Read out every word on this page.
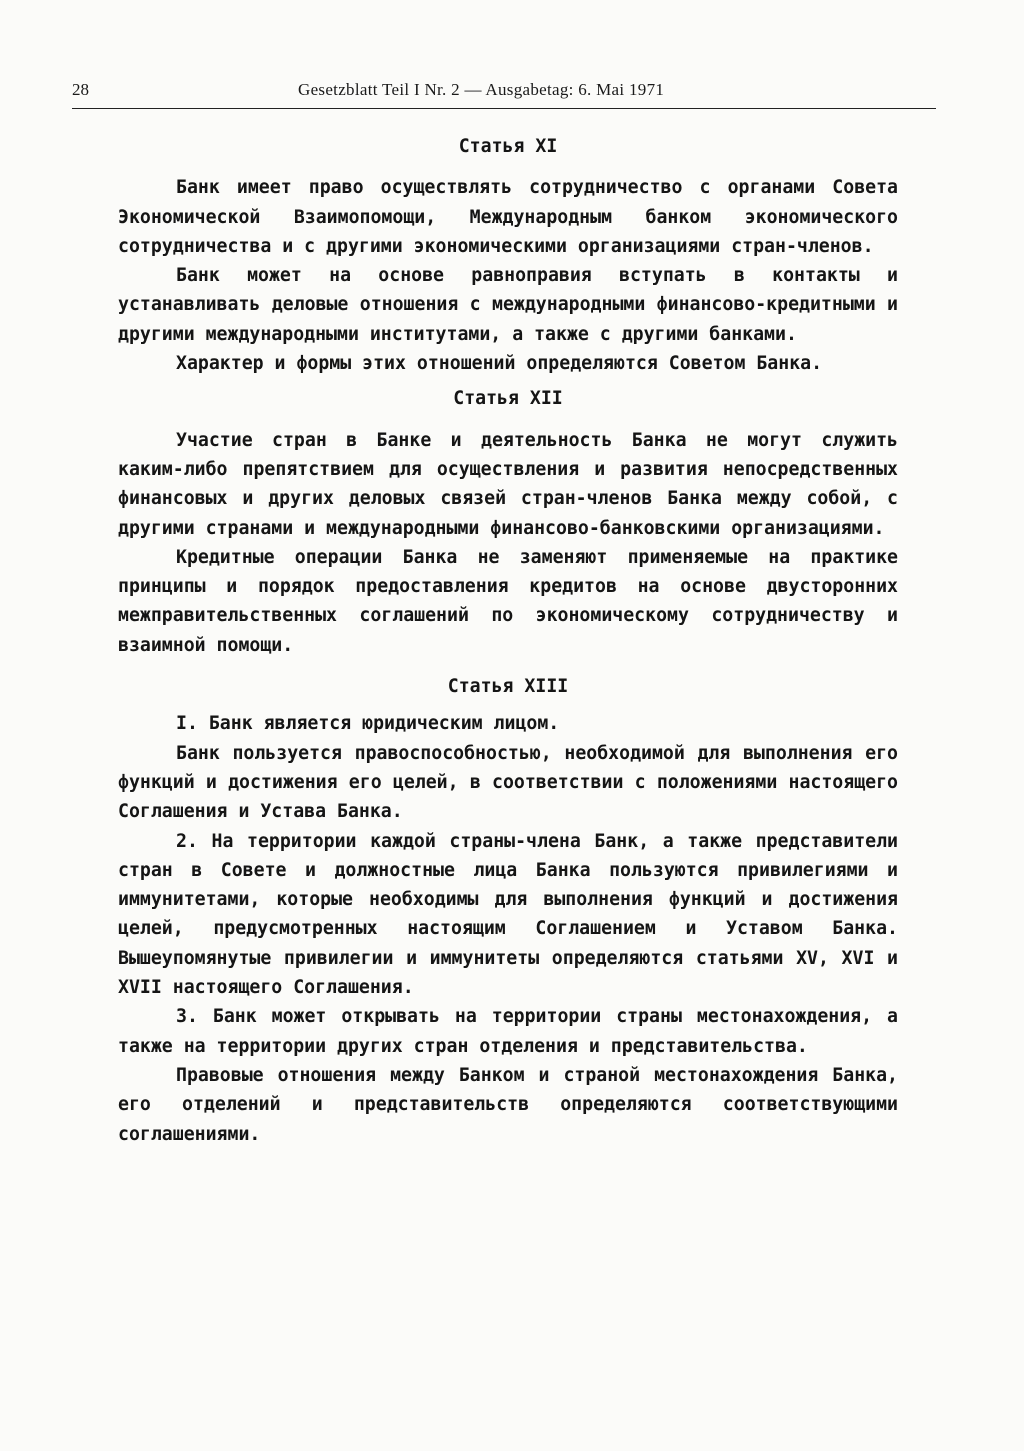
28	Gesetzblatt Teil I Nr. 2 — Ausgabetag: 6. Mai 1971
Статья XI

Банк имеет право осуществлять сотрудничество с органами Совета Экономической Взаимопомощи, Международным банком экономического сотрудничества и с другими экономическими организациями стран-членов.

Банк может на основе равноправия вступать в контакты и устанавливать деловые отношения с международными финансово-кредитными и другими международными институтами, а также с другими банками.

Характер и формы этих отношений определяются Советом Банка.

Статья XII

Участие стран в Банке и деятельность Банка не могут служить каким-либо препятствием для осуществления и развития непосредственных финансовых и других деловых связей стран-членов Банка между собой, с другими странами и международными финансово-банковскими организациями.

Кредитные операции Банка не заменяют применяемые на практике принципы и порядок предоставления кредитов на основе двусторонних межправительственных соглашений по экономическому сотрудничеству и взаимной помощи.

Статья XIII

I. Банк является юридическим лицом.

Банк пользуется правоспособностью, необходимой для выполнения его функций и достижения его целей, в соответствии с положениями настоящего Соглашения и Устава Банка.

2. На территории каждой страны-члена Банк, а также представители стран в Совете и должностные лица Банка пользуются привилегиями и иммунитетами, которые необходимы для выполнения функций и достижения целей, предусмотренных настоящим Соглашением и Уставом Банка. Вышеупомянутые привилегии и иммунитеты определяются статьями XV, XVI и XVII настоящего Соглашения.

3. Банк может открывать на территории страны местонахождения, а также на территории других стран отделения и представительства.

Правовые отношения между Банком и страной местонахождения Банка, его отделений и представительств определяются соответствующими соглашениями.
